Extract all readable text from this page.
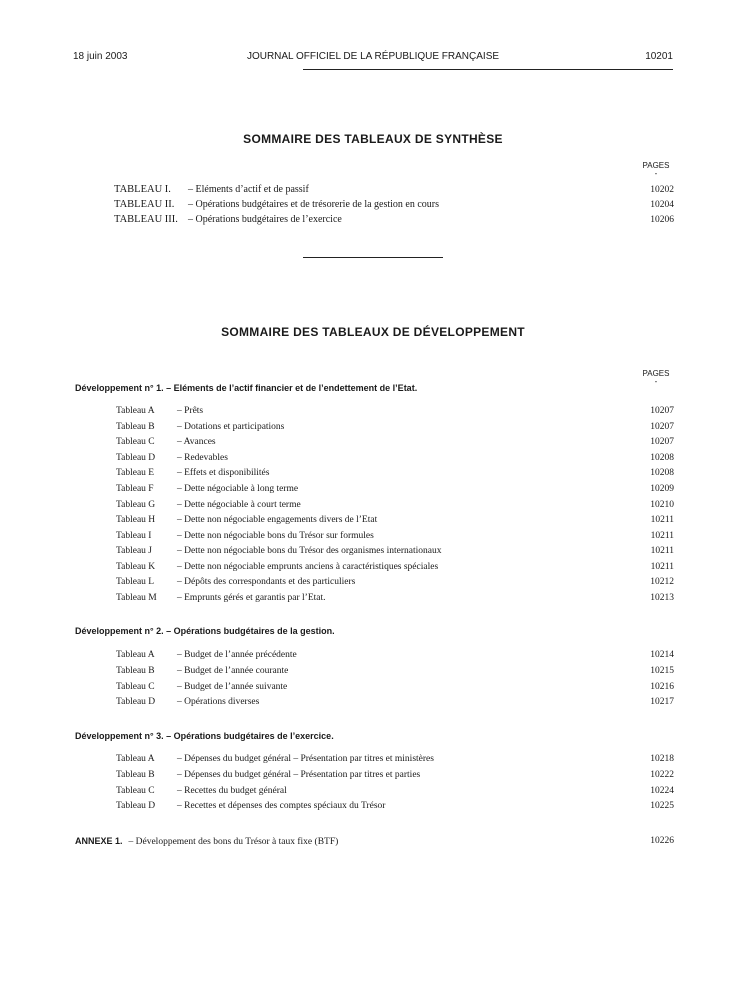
18 juin 2003	JOURNAL OFFICIEL DE LA RÉPUBLIQUE FRANÇAISE	10201
SOMMAIRE DES TABLEAUX DE SYNTHÈSE
PAGES
-
TABLEAU I. – Eléments d’actif et de passif	10202
TABLEAU II. – Opérations budgétaires et de trésorerie de la gestion en cours	10204
TABLEAU III. – Opérations budgétaires de l’exercice	10206
SOMMAIRE DES TABLEAUX DE DÉVELOPPEMENT
PAGES
-
Développement n° 1. – Eléments de l’actif financier et de l’endettement de l’Etat.
Tableau A – Prêts	10207
Tableau B – Dotations et participations	10207
Tableau C – Avances	10207
Tableau D – Redevables	10208
Tableau E – Effets et disponibilités	10208
Tableau F – Dette négociable à long terme	10209
Tableau G – Dette négociable à court terme	10210
Tableau H – Dette non négociable engagements divers de l’Etat	10211
Tableau I	– Dette non négociable bons du Trésor sur formules	10211
Tableau J	– Dette non négociable bons du Trésor des organismes internationaux	10211
Tableau K – Dette non négociable emprunts anciens à caractéristiques spéciales	10211
Tableau L – Dépôts des correspondants et des particuliers	10212
Tableau M – Emprunts gérés et garantis par l’Etat.	10213
Développement n° 2. – Opérations budgétaires de la gestion.
Tableau A – Budget de l’année précédente	10214
Tableau B – Budget de l’année courante	10215
Tableau C – Budget de l’année suivante	10216
Tableau D – Opérations diverses	10217
Développement n° 3. – Opérations budgétaires de l’exercice.
Tableau A – Dépenses du budget général – Présentation par titres et ministères	10218
Tableau B – Dépenses du budget général – Présentation par titres et parties	10222
Tableau C – Recettes du budget général	10224
Tableau D – Recettes et dépenses des comptes spéciaux du Trésor	10225
ANNEXE 1. – Développement des bons du Trésor à taux fixe (BTF)	10226
